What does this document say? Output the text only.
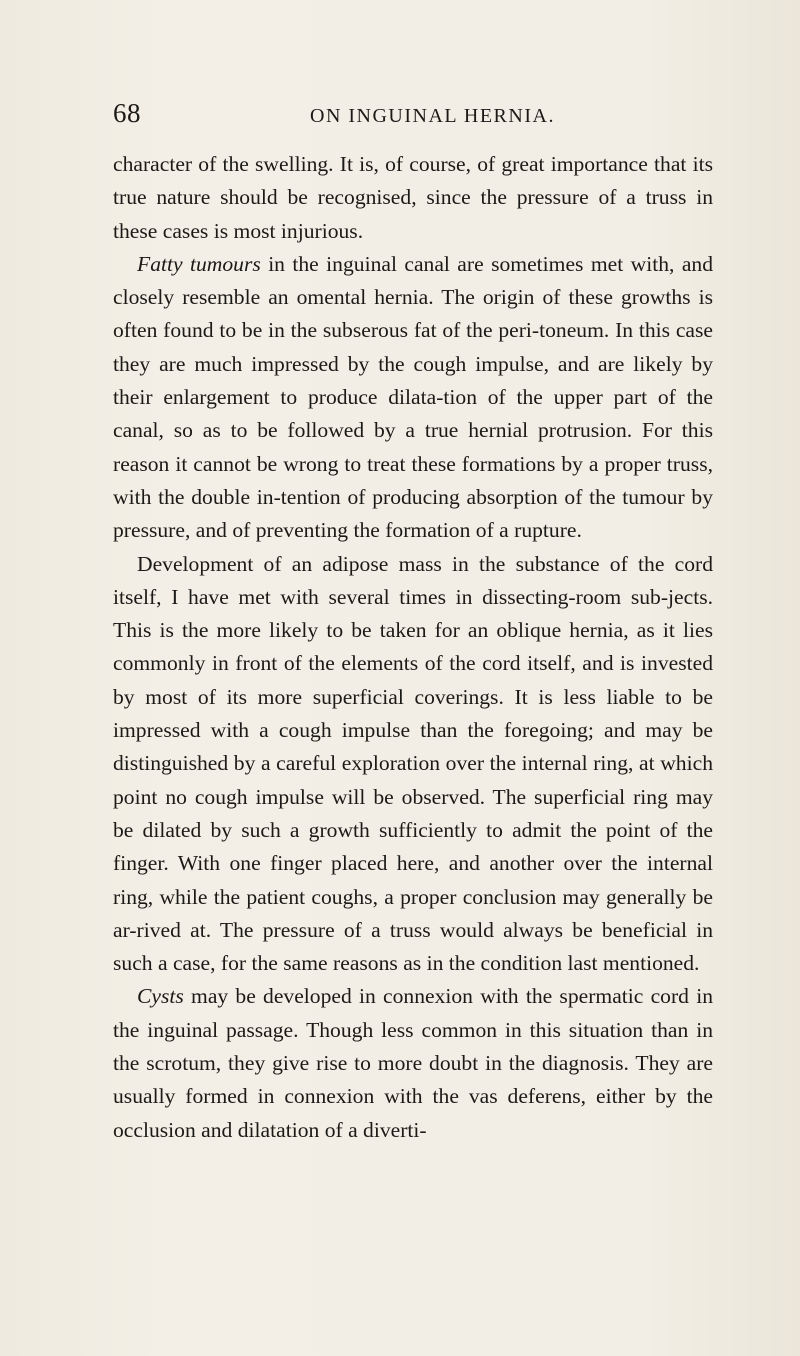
68	ON INGUINAL HERNIA.

character of the swelling. It is, of course, of great importance that its true nature should be recognised, since the pressure of a truss in these cases is most injurious.

Fatty tumours in the inguinal canal are sometimes met with, and closely resemble an omental hernia. The origin of these growths is often found to be in the subserous fat of the peri-toneum. In this case they are much impressed by the cough impulse, and are likely by their enlargement to produce dilata-tion of the upper part of the canal, so as to be followed by a true hernial protrusion. For this reason it cannot be wrong to treat these formations by a proper truss, with the double in-tention of producing absorption of the tumour by pressure, and of preventing the formation of a rupture.

Development of an adipose mass in the substance of the cord itself, I have met with several times in dissecting-room sub-jects. This is the more likely to be taken for an oblique hernia, as it lies commonly in front of the elements of the cord itself, and is invested by most of its more superficial coverings. It is less liable to be impressed with a cough impulse than the foregoing; and may be distinguished by a careful exploration over the internal ring, at which point no cough impulse will be observed. The superficial ring may be dilated by such a growth sufficiently to admit the point of the finger. With one finger placed here, and another over the internal ring, while the patient coughs, a proper conclusion may generally be ar-rived at. The pressure of a truss would always be beneficial in such a case, for the same reasons as in the condition last mentioned.

Cysts may be developed in connexion with the spermatic cord in the inguinal passage. Though less common in this situation than in the scrotum, they give rise to more doubt in the diagnosis. They are usually formed in connexion with the vas deferens, either by the occlusion and dilatation of a diverti-
